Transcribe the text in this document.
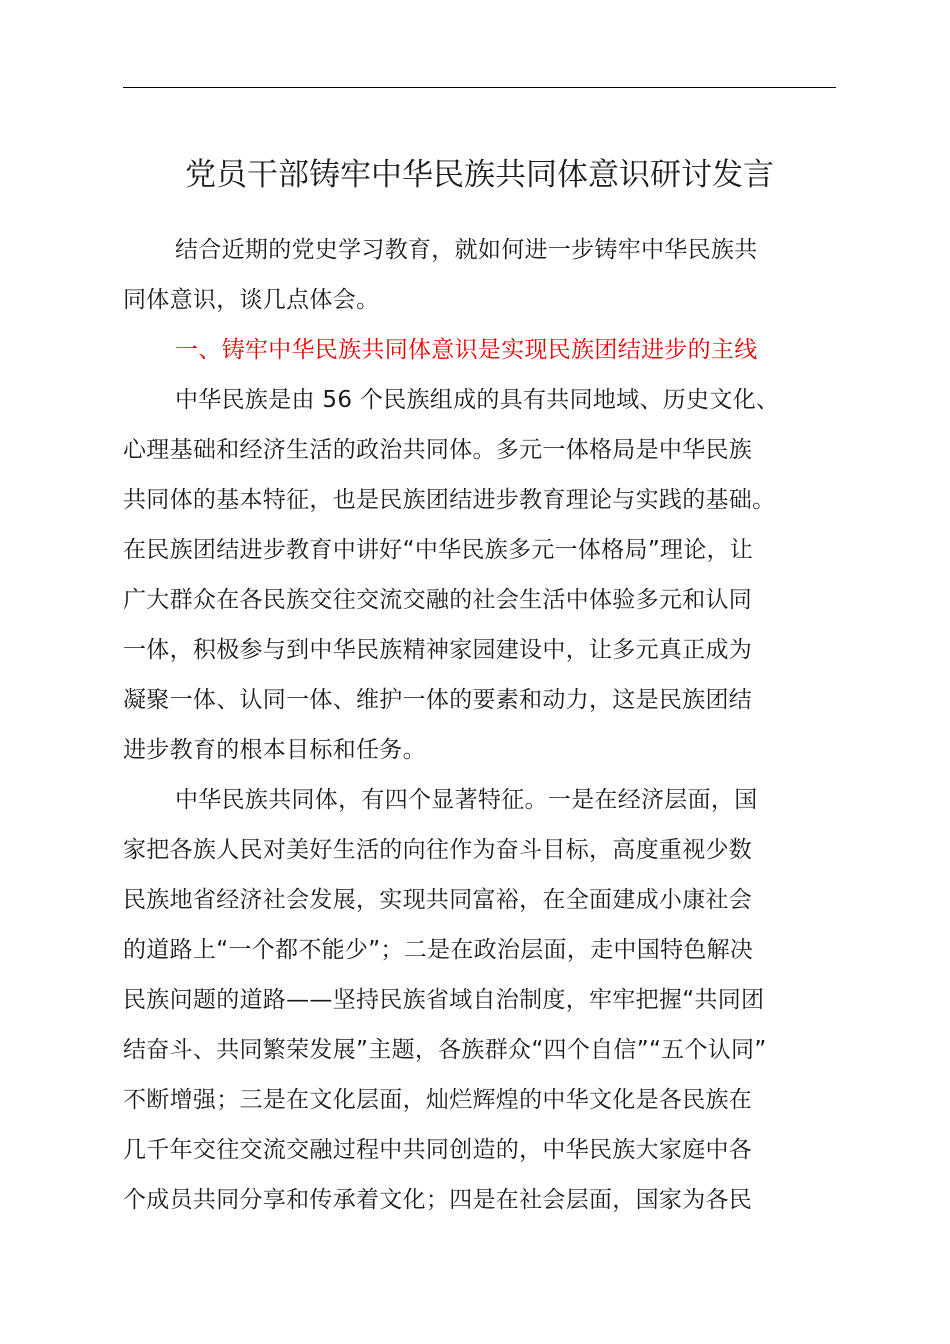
党员干部铸牢中华民族共同体意识研讨发言
结合近期的党史学习教育，就如何进一步铸牢中华民族共
同体意识，谈几点体会。
一、铸牢中华民族共同体意识是实现民族团结进步的主线
中华民族是由 56 个民族组成的具有共同地域、历史文化、
心理基础和经济生活的政治共同体。多元一体格局是中华民族
共同体的基本特征，也是民族团结进步教育理论与实践的基础。
在民族团结进步教育中讲好“中华民族多元一体格局”理论，让
广大群众在各民族交往交流交融的社会生活中体验多元和认同
一体，积极参与到中华民族精神家园建设中，让多元真正成为
凝聚一体、认同一体、维护一体的要素和动力，这是民族团结
进步教育的根本目标和任务。
中华民族共同体，有四个显著特征。一是在经济层面，国
家把各族人民对美好生活的向往作为奋斗目标，高度重视少数
民族地省经济社会发展，实现共同富裕，在全面建成小康社会
的道路上“一个都不能少”；二是在政治层面，走中国特色解决
民族问题的道路——坚持民族省域自治制度，牢牢把握“共同团
结奋斗、共同繁荣发展”主题，各族群众“四个自信”“五个认同”
不断增强；三是在文化层面，灿烂辉煌的中华文化是各民族在
几千年交往交流交融过程中共同创造的，中华民族大家庭中各
个成员共同分享和传承着文化；四是在社会层面，国家为各民
